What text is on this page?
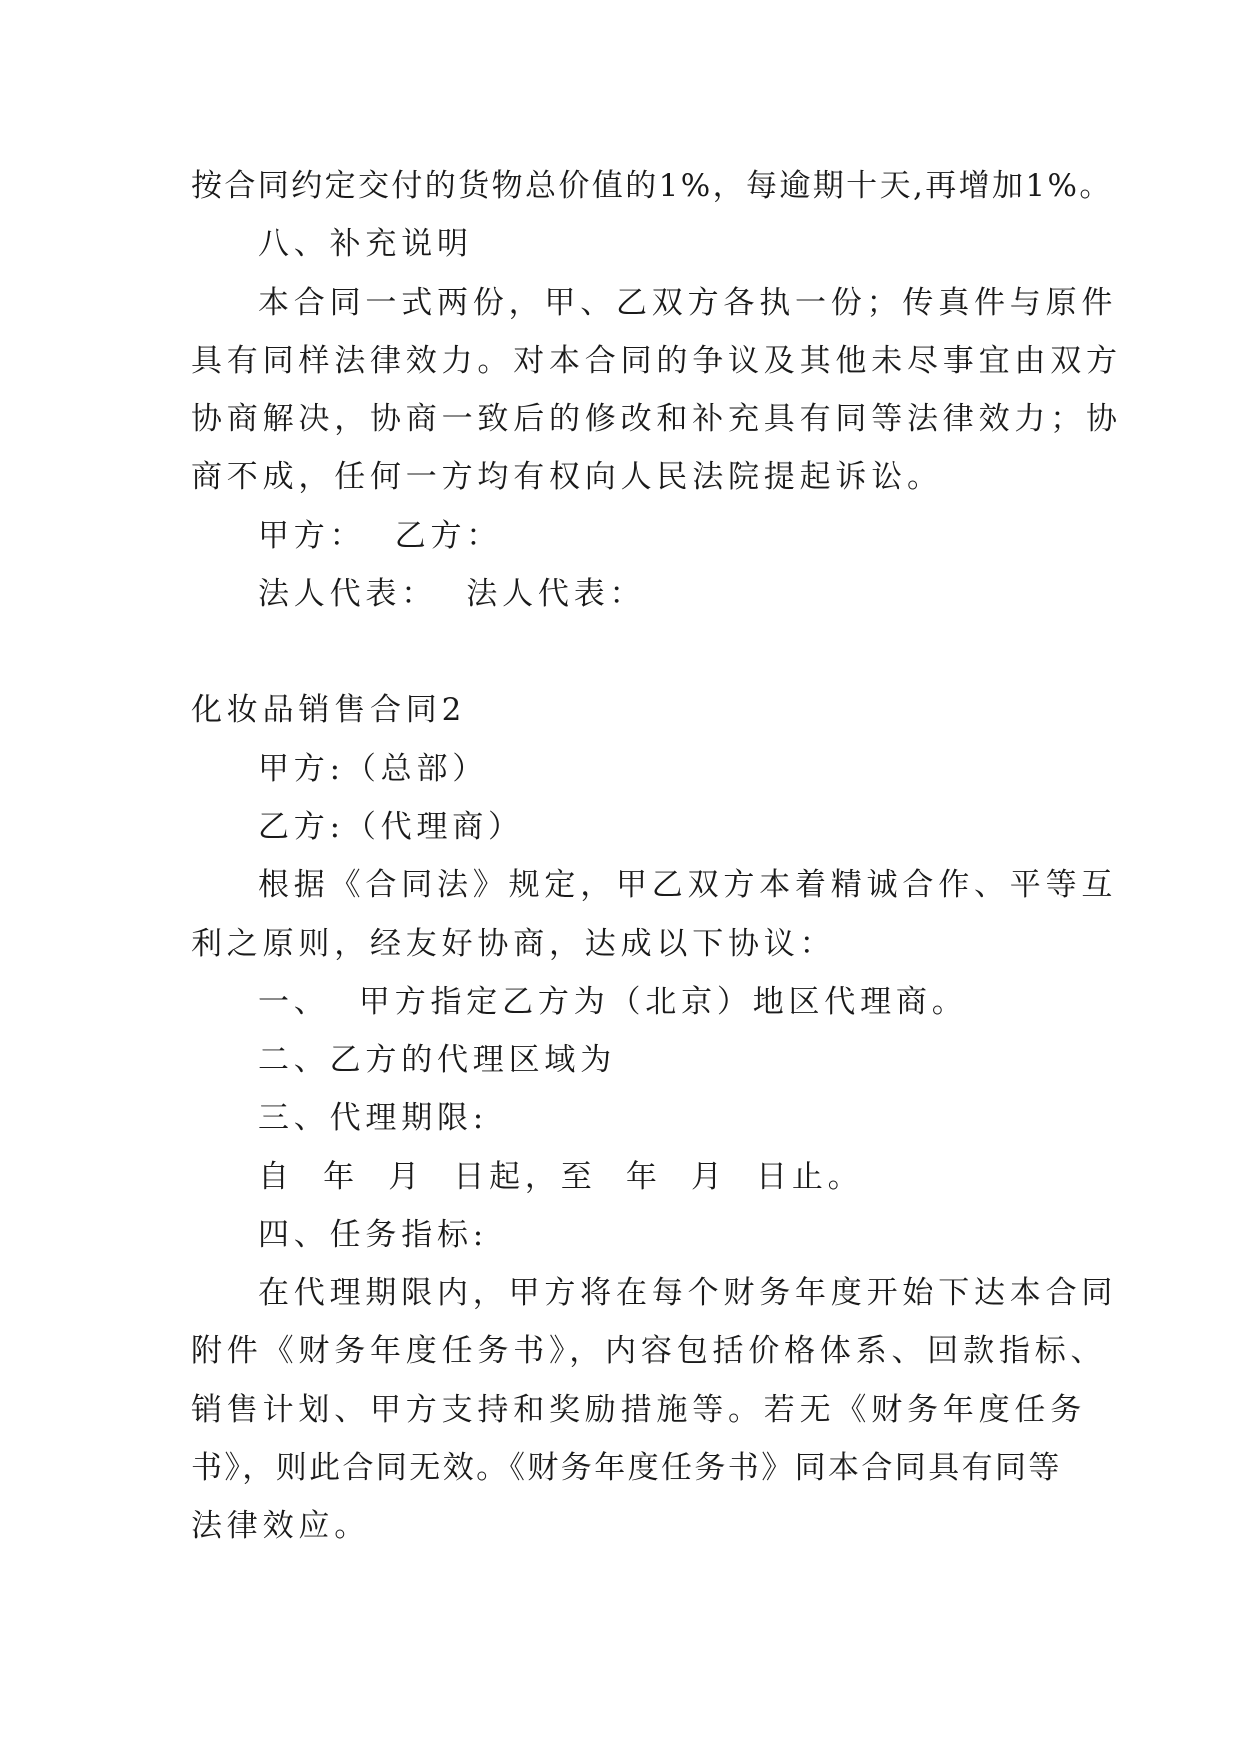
按合同约定交付的货物总价值的1%，每逾期十天,再增加1%。
八、补充说明
本合同一式两份，甲、乙双方各执一份；传真件与原件
具有同样法律效力。对本合同的争议及其他未尽事宜由双方
协商解决，协商一致后的修改和补充具有同等法律效力；协
商不成，任何一方均有权向人民法院提起诉讼。
甲方：  乙方：
法人代表：  法人代表：
化妆品销售合同2
甲方:（总部）
乙方:（代理商）
根据《合同法》规定，甲乙双方本着精诚合作、平等互
利之原则，经友好协商，达成以下协议：
一、  甲方指定乙方为（北京）地区代理商。
二、乙方的代理区域为
三、代理期限:
自  年  月  日起，至  年  月  日止。
四、任务指标:
在代理期限内，甲方将在每个财务年度开始下达本合同
附件《财务年度任务书》，内容包括价格体系、回款指标、
销售计划、甲方支持和奖励措施等。若无《财务年度任务
书》，则此合同无效。《财务年度任务书》同本合同具有同等
法律效应。
